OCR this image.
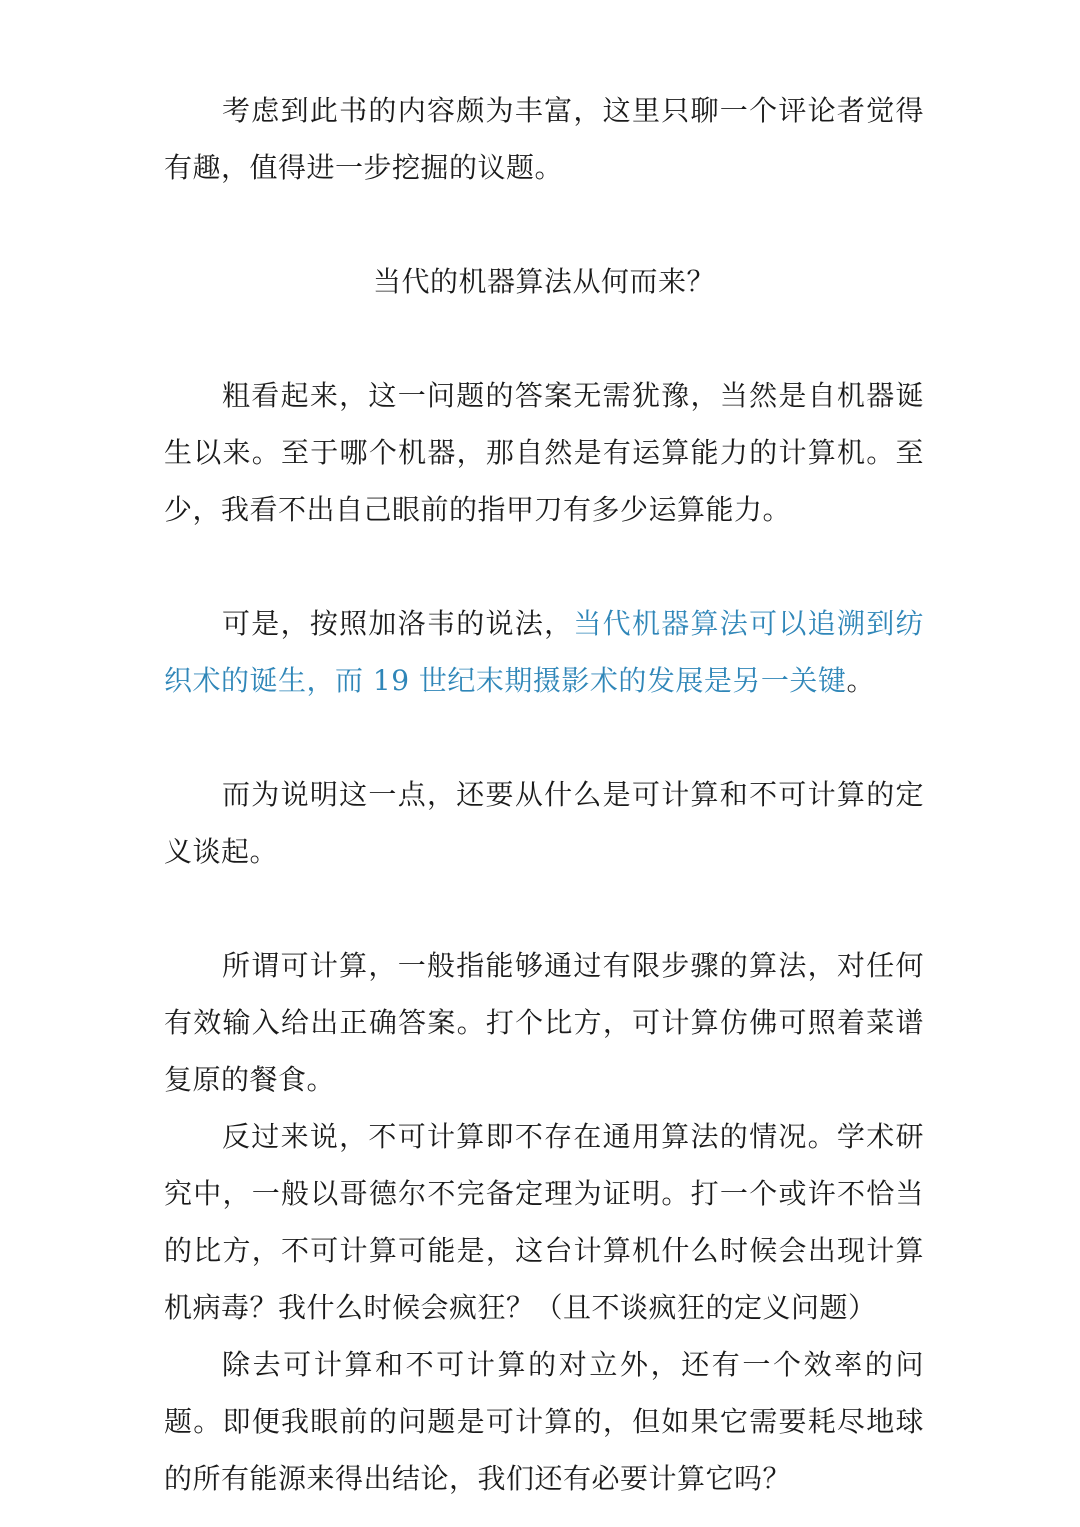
考虑到此书的内容颇为丰富，这里只聊一个评论者觉得有趣，值得进一步挖掘的议题。

当代的机器算法从何而来？

粗看起来，这一问题的答案无需犹豫，当然是自机器诞生以来。至于哪个机器，那自然是有运算能力的计算机。至少，我看不出自己眼前的指甲刀有多少运算能力。

可是，按照加洛韦的说法，当代机器算法可以追溯到纺织术的诞生，而 19 世纪末期摄影术的发展是另一关键。

而为说明这一点，还要从什么是可计算和不可计算的定义谈起。

所谓可计算，一般指能够通过有限步骤的算法，对任何有效输入给出正确答案。打个比方，可计算仿佛可照着菜谱复原的餐食。

反过来说，不可计算即不存在通用算法的情况。学术研究中，一般以哥德尔不完备定理为证明。打一个或许不恰当的比方，不可计算可能是，这台计算机什么时候会出现计算机病毒？我什么时候会疯狂？（且不谈疯狂的定义问题）

除去可计算和不可计算的对立外，还有一个效率的问题。即便我眼前的问题是可计算的，但如果它需要耗尽地球的所有能源来得出结论，我们还有必要计算它吗？
